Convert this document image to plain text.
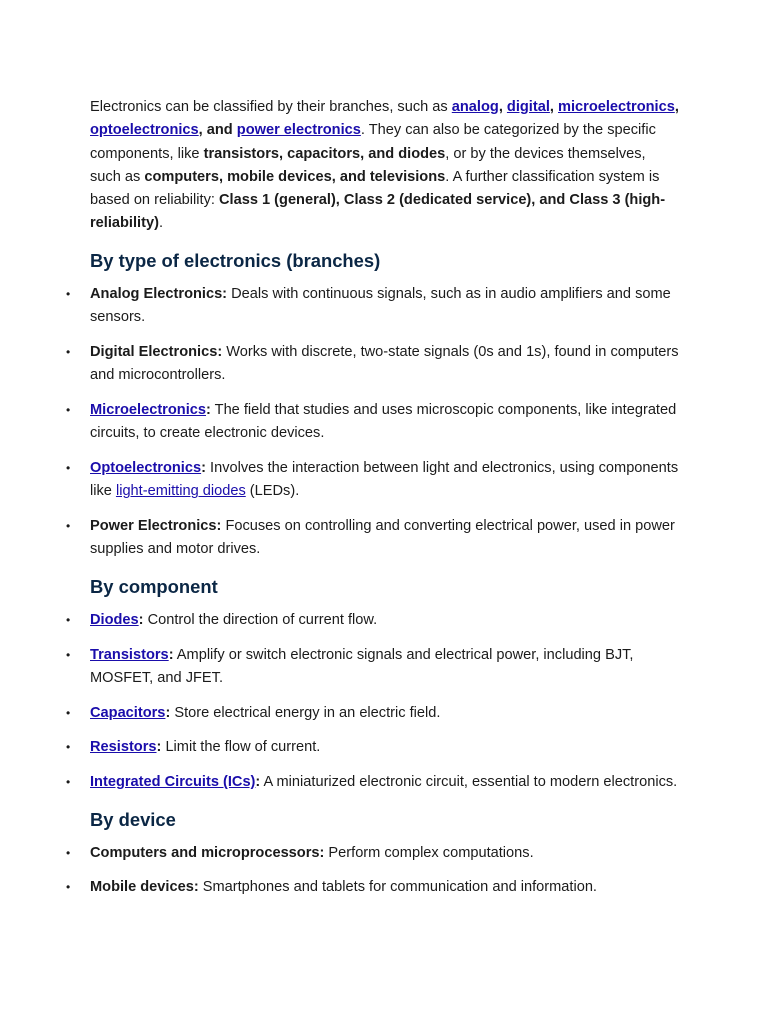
Electronics can be classified by their branches, such as analog, digital, microelectronics, optoelectronics, and power electronics. They can also be categorized by the specific components, like transistors, capacitors, and diodes, or by the devices themselves, such as computers, mobile devices, and televisions. A further classification system is based on reliability: Class 1 (general), Class 2 (dedicated service), and Class 3 (high-reliability).

By type of electronics (branches)
• Analog Electronics: Deals with continuous signals, such as in audio amplifiers and some sensors.
• Digital Electronics: Works with discrete, two-state signals (0s and 1s), found in computers and microcontrollers.
• Microelectronics: The field that studies and uses microscopic components, like integrated circuits, to create electronic devices.
• Optoelectronics: Involves the interaction between light and electronics, using components like light-emitting diodes (LEDs).
• Power Electronics: Focuses on controlling and converting electrical power, used in power supplies and motor drives.
By component
• Diodes: Control the direction of current flow.
• Transistors: Amplify or switch electronic signals and electrical power, including BJT, MOSFET, and JFET.
• Capacitors: Store electrical energy in an electric field.
• Resistors: Limit the flow of current.
• Integrated Circuits (ICs): A miniaturized electronic circuit, essential to modern electronics.
By device
• Computers and microprocessors: Perform complex computations.
• Mobile devices: Smartphones and tablets for communication and information.
